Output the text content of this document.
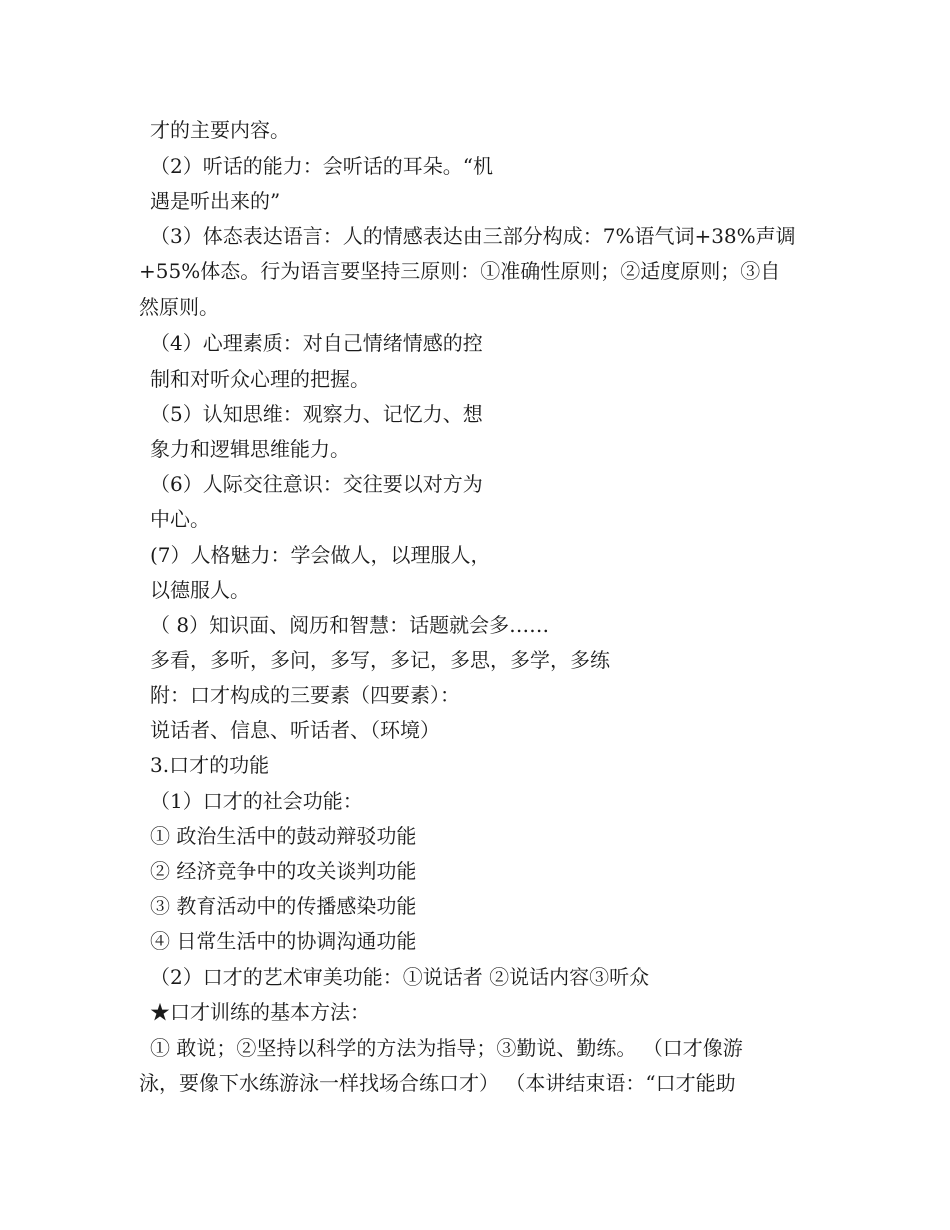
才的主要内容。
（2）听话的能力：会听话的耳朵。“机
遇是听出来的”
（3）体态表达语言：人的情感表达由三部分构成：7%语气词+38%声调
+55%体态。行为语言要坚持三原则：①准确性原则；②适度原则；③自
然原则。
（4）心理素质：对自己情绪情感的控
制和对听众心理的把握。
（5）认知思维：观察力、记忆力、想
象力和逻辑思维能力。
（6）人际交往意识：交往要以对方为
中心。
(7）人格魅力：学会做人，以理服人，
以德服人。
（ 8）知识面、阅历和智慧：话题就会多……
多看，多听，多问，多写，多记，多思，多学，多练
附：口才构成的三要素（四要素）：
说话者、信息、听话者、（环境）
3.口才的功能
（1）口才的社会功能：
① 政治生活中的鼓动辩驳功能
② 经济竞争中的攻关谈判功能
③ 教育活动中的传播感染功能
④ 日常生活中的协调沟通功能
（2）口才的艺术审美功能：①说话者 ②说话内容③听众
★口才训练的基本方法：
① 敢说；②坚持以科学的方法为指导；③勤说、勤练。 （口才像游
泳，要像下水练游泳一样找场合练口才） （本讲结束语：“口才能助
